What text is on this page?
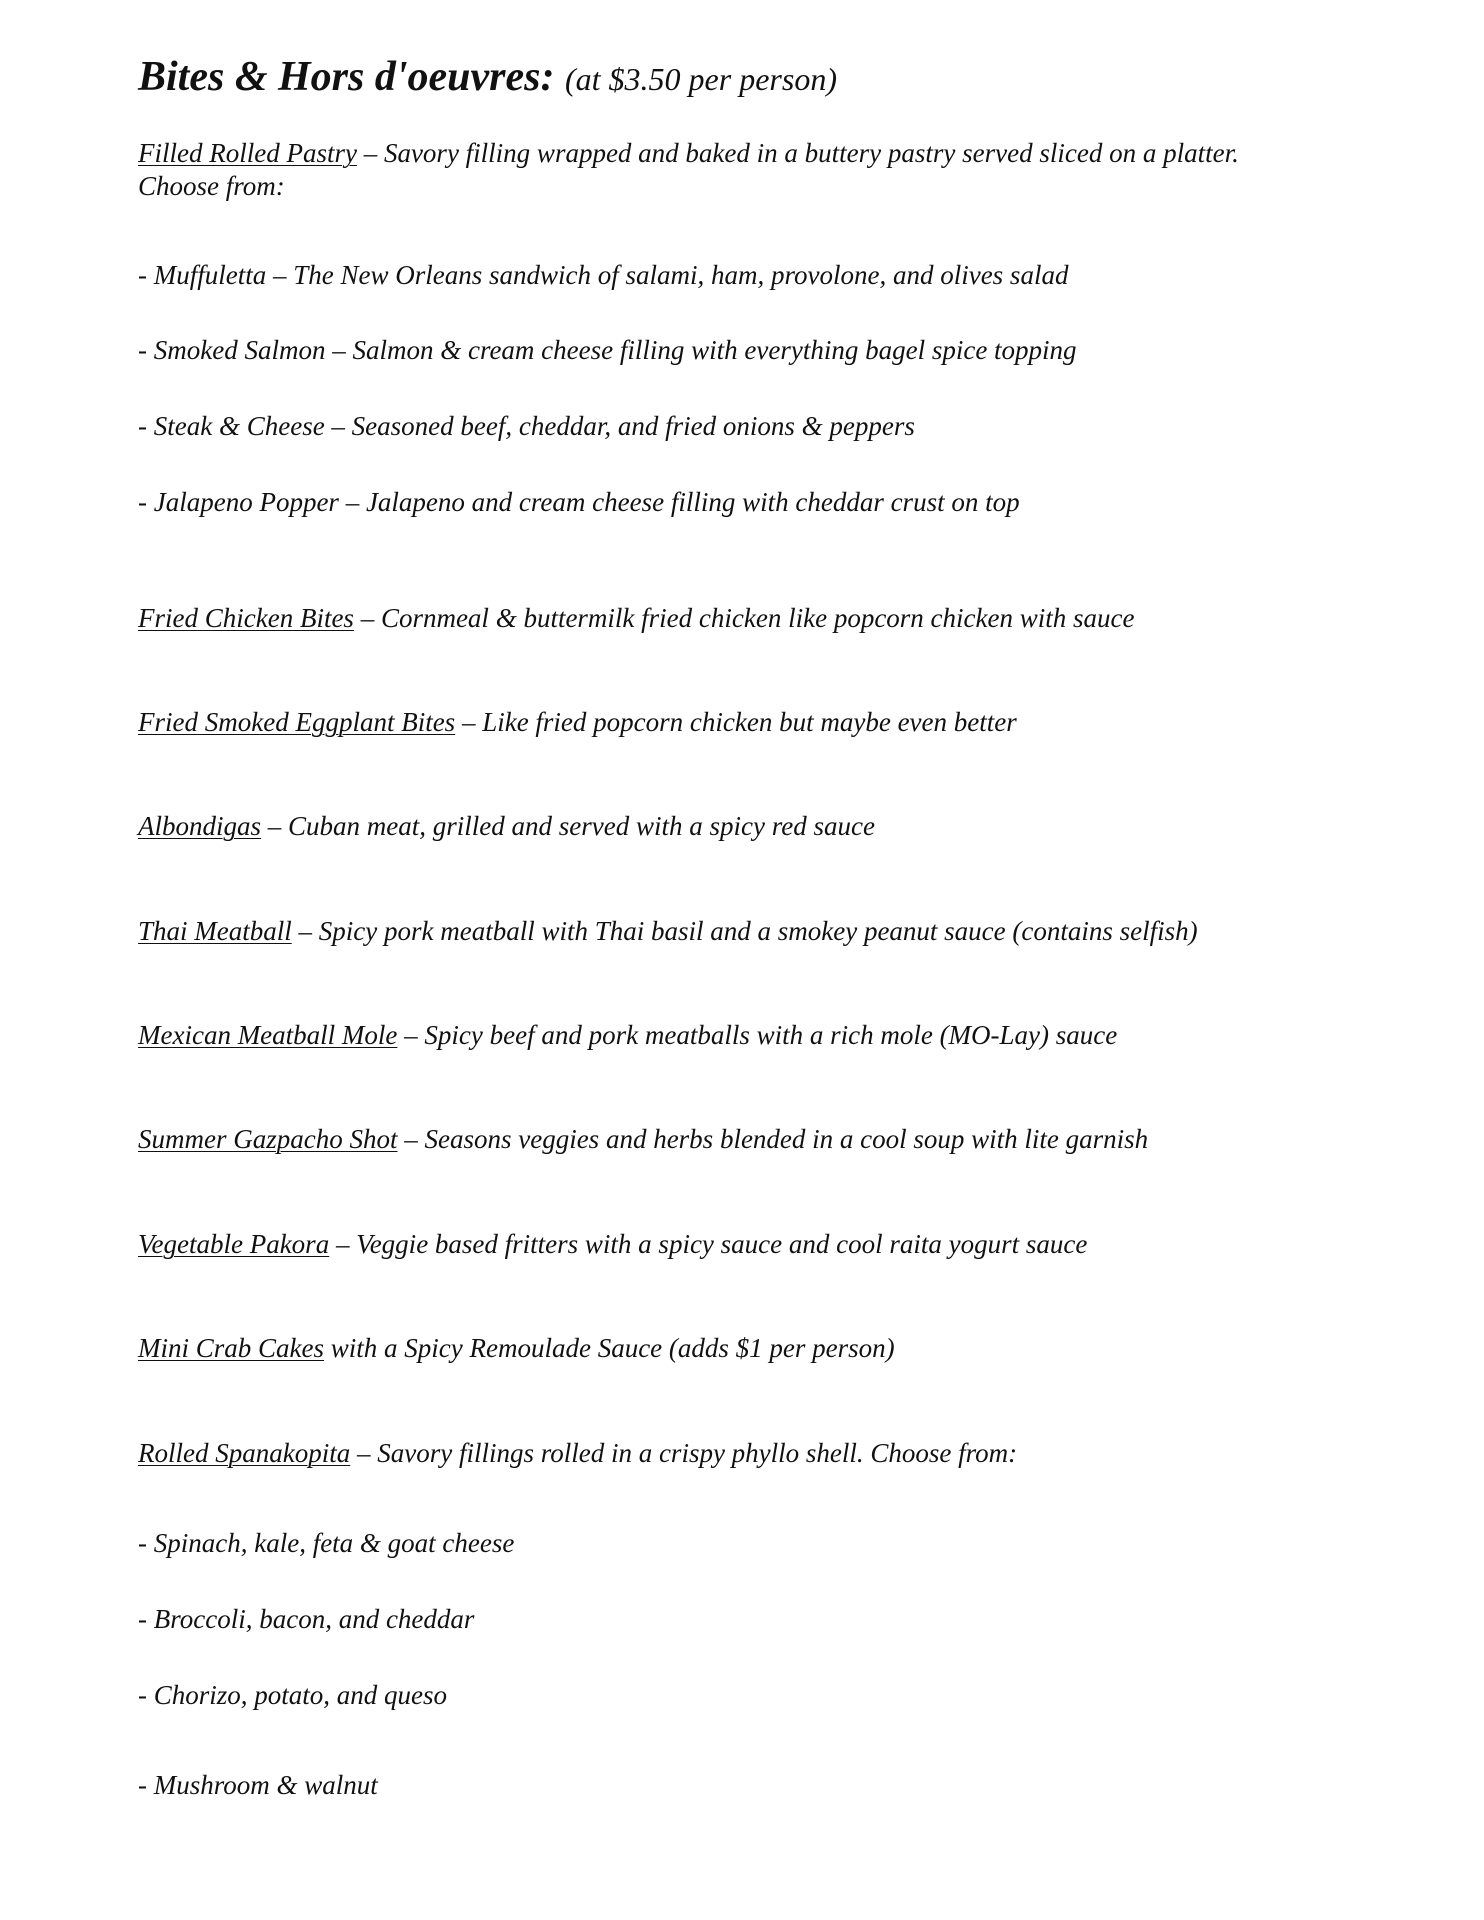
Bites & Hors d'oeuvres: (at $3.50 per person)
Filled Rolled Pastry – Savory filling wrapped and baked in a buttery pastry served sliced on a platter.
Choose from:
- Muffuletta – The New Orleans sandwich of salami, ham, provolone, and olives salad
- Smoked Salmon – Salmon & cream cheese filling with everything bagel spice topping
- Steak & Cheese – Seasoned beef, cheddar, and fried onions & peppers
- Jalapeno Popper – Jalapeno and cream cheese filling with cheddar crust on top
Fried Chicken Bites – Cornmeal & buttermilk fried chicken like popcorn chicken with sauce
Fried Smoked Eggplant Bites – Like fried popcorn chicken but maybe even better
Albondigas – Cuban meat, grilled and served with a spicy red sauce
Thai Meatball – Spicy pork meatball with Thai basil and a smokey peanut sauce (contains selfish)
Mexican Meatball Mole – Spicy beef and pork meatballs with a rich mole (MO-Lay) sauce
Summer Gazpacho Shot – Seasons veggies and herbs blended in a cool soup with lite garnish
Vegetable Pakora – Veggie based fritters with a spicy sauce and cool raita yogurt sauce
Mini Crab Cakes with a Spicy Remoulade Sauce (adds $1 per person)
Rolled Spanakopita – Savory fillings rolled in a crispy phyllo shell. Choose from:
- Spinach, kale, feta & goat cheese
- Broccoli, bacon, and cheddar
- Chorizo, potato, and queso
- Mushroom & walnut
